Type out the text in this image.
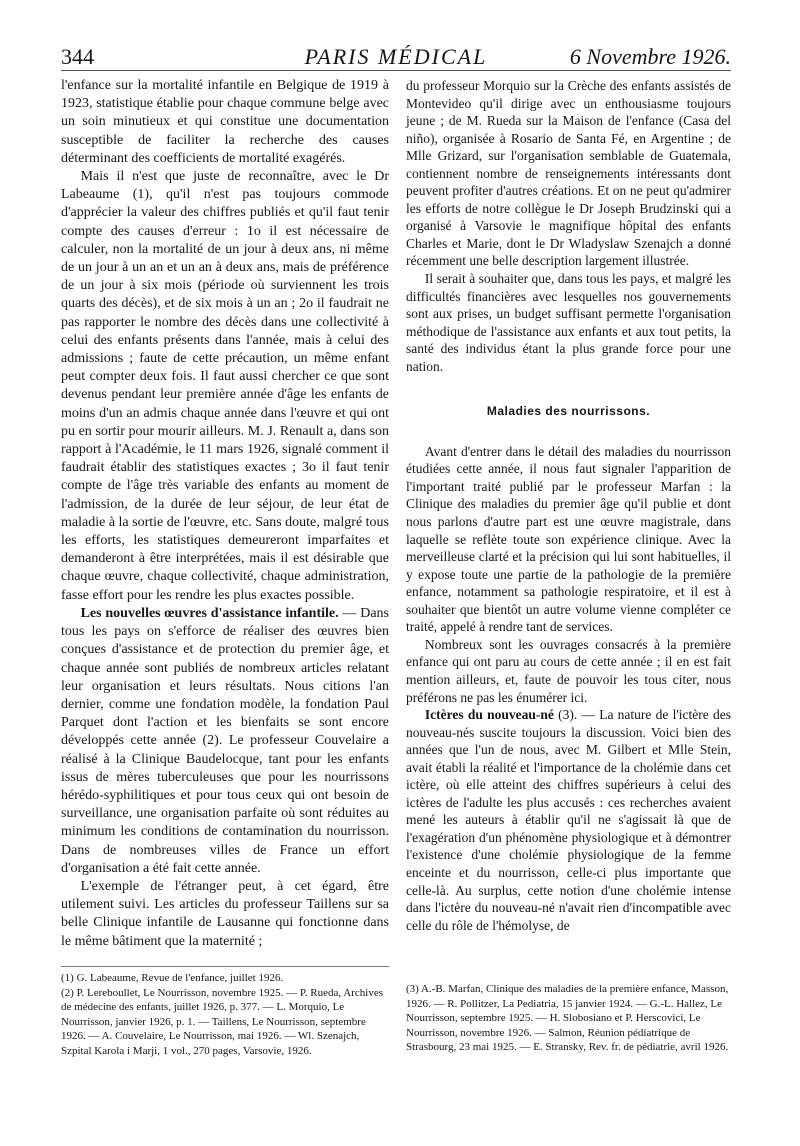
344	PARIS MÉDICAL	6 Novembre 1926.

l'enfance sur la mortalité infantile en Belgique de 1919 à 1923, statistique établie pour chaque commune belge avec un soin minutieux et qui constitue une documentation susceptible de faciliter la recherche des causes déterminant des coefficients de mortalité exagérés.

Mais il n'est que juste de reconnaître, avec le Dr Labeaume (1), qu'il n'est pas toujours commode d'apprécier la valeur des chiffres publiés et qu'il faut tenir compte des causes d'erreur : 1o il est nécessaire de calculer, non la mortalité de un jour à deux ans, ni même de un jour à un an et un an à deux ans, mais de préférence de un jour à six mois (période où surviennent les trois quarts des décès), et de six mois à un an ; 2o il faudrait ne pas rapporter le nombre des décès dans une collectivité à celui des enfants présents dans l'année, mais à celui des admissions ; faute de cette précaution, un même enfant peut compter deux fois. Il faut aussi chercher ce que sont devenus pendant leur première année d'âge les enfants de moins d'un an admis chaque année dans l'œuvre et qui ont pu en sortir pour mourir ailleurs. M. J. Renault a, dans son rapport à l'Académie, le 11 mars 1926, signalé comment il faudrait établir des statistiques exactes ; 3o il faut tenir compte de l'âge très variable des enfants au moment de l'admission, de la durée de leur séjour, de leur état de maladie à la sortie de l'œuvre, etc. Sans doute, malgré tous les efforts, les statistiques demeureront imparfaites et demanderont à être interprétées, mais il est désirable que chaque œuvre, chaque collectivité, chaque administration, fasse effort pour les rendre les plus exactes possible.

Les nouvelles œuvres d'assistance infantile. — Dans tous les pays on s'efforce de réaliser des œuvres bien conçues d'assistance et de protection du premier âge, et chaque année sont publiés de nombreux articles relatant leur organisation et leurs résultats. Nous citions l'an dernier, comme une fondation modèle, la fondation Paul Parquet dont l'action et les bienfaits se sont encore développés cette année (2). Le professeur Couvelaire a réalisé à la Clinique Baudelocque, tant pour les enfants issus de mères tuberculeuses que pour les nourrissons hérédo-syphilitiques et pour tous ceux qui ont besoin de surveillance, une organisation parfaite où sont réduites au minimum les conditions de contamination du nourrisson. Dans de nombreuses villes de France un effort d'organisation a été fait cette année.

L'exemple de l'étranger peut, à cet égard, être utilement suivi. Les articles du professeur Taillens sur sa belle Clinique infantile de Lausanne qui fonctionne dans le même bâtiment que la maternité ;

du professeur Morquio sur la Crèche des enfants assistés de Montevideo qu'il dirige avec un enthousiasme toujours jeune ; de M. Rueda sur la Maison de l'enfance (Casa del niño), organisée à Rosario de Santa Fé, en Argentine ; de Mlle Grizard, sur l'organisation semblable de Guatemala, contiennent nombre de renseignements intéressants dont peuvent profiter d'autres créations. Et on ne peut qu'admirer les efforts de notre collègue le Dr Joseph Brudzinski qui a organisé à Varsovie le magnifique hôpital des enfants Charles et Marie, dont le Dr Wladyslaw Szenajch a donné récemment une belle description largement illustrée.

Il serait à souhaiter que, dans tous les pays, et malgré les difficultés financières avec lesquelles nos gouvernements sont aux prises, un budget suffisant permette l'organisation méthodique de l'assistance aux enfants et aux tout petits, la santé des individus étant la plus grande force pour une nation.

Maladies des nourrissons.

Avant d'entrer dans le détail des maladies du nourrisson étudiées cette année, il nous faut signaler l'apparition de l'important traité publié par le professeur Marfan : la Clinique des maladies du premier âge qu'il publie et dont nous parlons d'autre part est une œuvre magistrale, dans laquelle se reflète toute son expérience clinique. Avec la merveilleuse clarté et la précision qui lui sont habituelles, il y expose toute une partie de la pathologie de la première enfance, notamment sa pathologie respiratoire, et il est à souhaiter que bientôt un autre volume vienne compléter ce traité, appelé à rendre tant de services.

Nombreux sont les ouvrages consacrés à la première enfance qui ont paru au cours de cette année ; il en est fait mention ailleurs, et, faute de pouvoir les tous citer, nous préférons ne pas les énumérer ici.

Ictères du nouveau-né (3). — La nature de l'ictère des nouveau-nés suscite toujours la discussion. Voici bien des années que l'un de nous, avec M. Gilbert et Mlle Stein, avait établi la réalité et l'importance de la cholémie dans cet ictère, où elle atteint des chiffres supérieurs à celui des ictères de l'adulte les plus accusés : ces recherches avaient mené les auteurs à établir qu'il ne s'agissait là que de l'exagération d'un phénomène physiologique et à démontrer l'existence d'une cholémie physiologique de la femme enceinte et du nourrisson, celle-ci plus importante que celle-là. Au surplus, cette notion d'une cholémie intense dans l'ictère du nouveau-né n'avait rien d'incompatible avec celle du rôle de l'hémolyse, de

(1) G. Labeaume, Revue de l'enfance, juillet 1926.

(2) P. Lereboullet, Le Nourrisson, novembre 1925. — P. Rueda, Archives de médecine des enfants, juillet 1926, p. 377. — L. Morquio, Le Nourrisson, janvier 1926, p. 1. — Taillens, Le Nourrisson, septembre 1926. — A. Couvelaire, Le Nourrisson, mai 1926. — Wl. Szenajch, Szpital Karola i Marji, 1 vol., 270 pages, Varsovie, 1926.

(3) A.-B. Marfan, Clinique des maladies de la première enfance, Masson, 1926. — R. Pollitzer, La Pediatria, 15 janvier 1924. — G.-L. Hallez, Le Nourrisson, septembre 1925. — H. Slobosiano et P. Herscovici, Le Nourrisson, novembre 1926. — Salmon, Réunion pédiatrique de Strasbourg, 23 mai 1925. — E. Stransky, Rev. fr. de pédiatrie, avril 1926.
